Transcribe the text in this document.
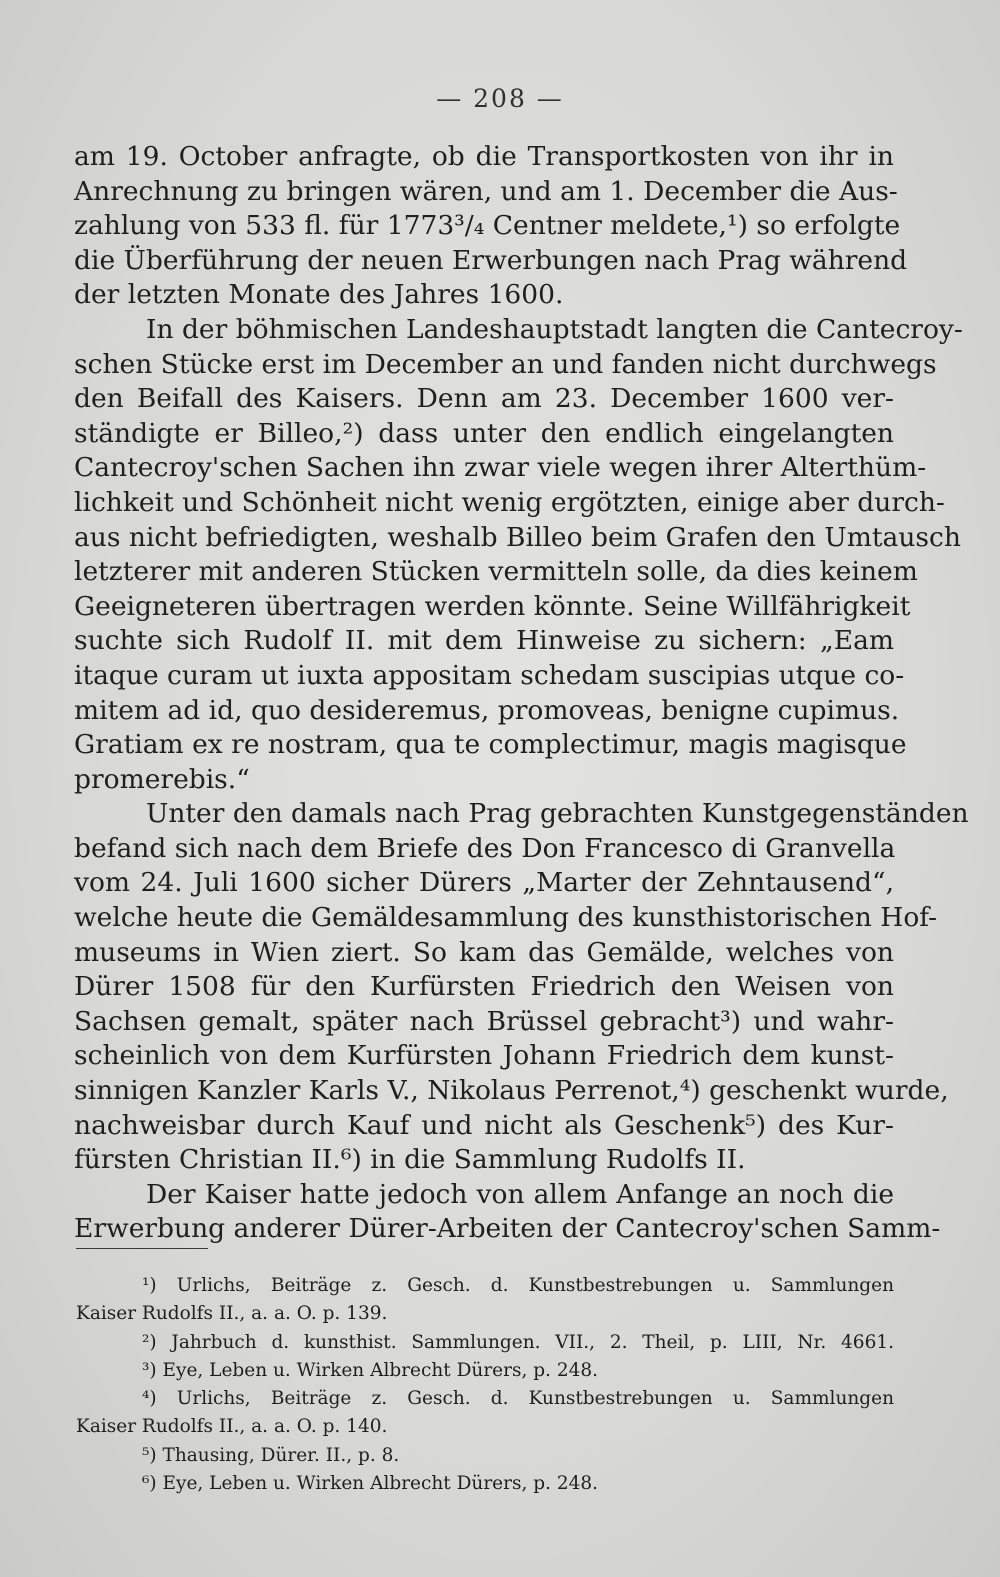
— 208 —
am 19. October anfragte, ob die Transportkosten von ihr in
Anrechnung zu bringen wären, und am 1. December die Aus-
zahlung von 533 fl. für 1773³/₄ Centner meldete,¹) so erfolgte
die Überführung der neuen Erwerbungen nach Prag während
der letzten Monate des Jahres 1600.
In der böhmischen Landeshauptstadt langten die Cantecroy-
schen Stücke erst im December an und fanden nicht durchwegs
den Beifall des Kaisers. Denn am 23. December 1600 ver-
ständigte er Billeo,²) dass unter den endlich eingelangten
Cantecroy'schen Sachen ihn zwar viele wegen ihrer Alterthüm-
lichkeit und Schönheit nicht wenig ergötzten, einige aber durch-
aus nicht befriedigten, weshalb Billeo beim Grafen den Umtausch
letzterer mit anderen Stücken vermitteln solle, da dies keinem
Geeigneteren übertragen werden könnte. Seine Willfährigkeit
suchte sich Rudolf II. mit dem Hinweise zu sichern: „Eam
itaque curam ut iuxta appositam schedam suscipias utque co-
mitem ad id, quo desideremus, promoveas, benigne cupimus.
Gratiam ex re nostram, qua te complectimur, magis magisque
promerebis.“
Unter den damals nach Prag gebrachten Kunstgegenständen
befand sich nach dem Briefe des Don Francesco di Granvella
vom 24. Juli 1600 sicher Dürers „Marter der Zehntausend“,
welche heute die Gemäldesammlung des kunsthistorischen Hof-
museums in Wien ziert. So kam das Gemälde, welches von
Dürer 1508 für den Kurfürsten Friedrich den Weisen von
Sachsen gemalt, später nach Brüssel gebracht³) und wahr-
scheinlich von dem Kurfürsten Johann Friedrich dem kunst-
sinnigen Kanzler Karls V., Nikolaus Perrenot,⁴) geschenkt wurde,
nachweisbar durch Kauf und nicht als Geschenk⁵) des Kur-
fürsten Christian II.⁶) in die Sammlung Rudolfs II.
Der Kaiser hatte jedoch von allem Anfange an noch die
Erwerbung anderer Dürer-Arbeiten der Cantecroy'schen Samm-
¹) Urlichs, Beiträge z. Gesch. d. Kunstbestrebungen u. Sammlungen
Kaiser Rudolfs II., a. a. O. p. 139.
²) Jahrbuch d. kunsthist. Sammlungen. VII., 2. Theil, p. LIII, Nr. 4661.
³) Eye, Leben u. Wirken Albrecht Dürers, p. 248.
⁴) Urlichs, Beiträge z. Gesch. d. Kunstbestrebungen u. Sammlungen
Kaiser Rudolfs II., a. a. O. p. 140.
⁵) Thausing, Dürer. II., p. 8.
⁶) Eye, Leben u. Wirken Albrecht Dürers, p. 248.
